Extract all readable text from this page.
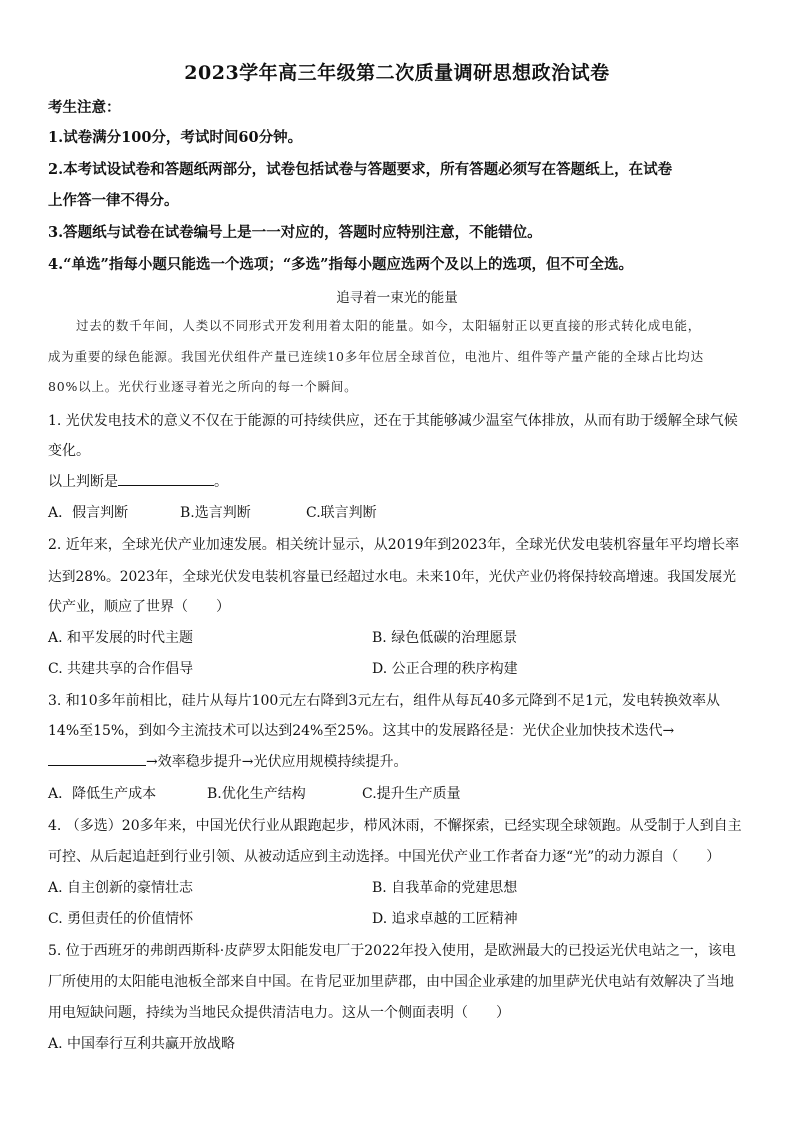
2023学年高三年级第二次质量调研思想政治试卷
考生注意：
1.试卷满分100分，考试时间60分钟。
2.本考试设试卷和答题纸两部分，试卷包括试卷与答题要求，所有答题必须写在答题纸上，在试卷
上作答一律不得分。
3.答题纸与试卷在试卷编号上是一一对应的，答题时应特别注意，不能错位。
4.“单选”指每小题只能选一个选项；“多选”指每小题应选两个及以上的选项，但不可全选。
追寻着一束光的能量
过去的数千年间，人类以不同形式开发利用着太阳的能量。如今，太阳辐射正以更直接的形式转化成电能，
成为重要的绿色能源。我国光伏组件产量已连续10多年位居全球首位，电池片、组件等产量产能的全球占比均达
80%以上。光伏行业逐寻着光之所向的每一个瞬间。
1. 光伏发电技术的意义不仅在于能源的可持续供应，还在于其能够减少温室气体排放，从而有助于缓解全球气候
变化。
以上判断是	。
A．假言判断	B.选言判断	C.联言判断
2. 近年来，全球光伏产业加速发展。相关统计显示，从2019年到2023年，全球光伏发电装机容量年平均增长率
达到28%。2023年，全球光伏发电装机容量已经超过水电。未来10年，光伏产业仍将保持较高增速。我国发展光
伏产业，顺应了世界（　　）
A. 和平发展的时代主题	B. 绿色低碳的治理愿景
C. 共建共享的合作倡导	D. 公正合理的秩序构建
3. 和10多年前相比，硅片从每片100元左右降到3元左右，组件从每瓦40多元降到不足1元，发电转换效率从
14%至15%，到如今主流技术可以达到24%至25%。这其中的发展路径是：光伏企业加快技术迭代→
→效率稳步提升→光伏应用规模持续提升。
A．降低生产成本	B.优化生产结构	C.提升生产质量
4. （多选）20多年来，中国光伏行业从跟跑起步，栉风沐雨，不懈探索，已经实现全球领跑。从受制于人到自主
可控、从后起追赶到行业引领、从被动适应到主动选择。中国光伏产业工作者奋力逐“光”的动力源自（　　）
A. 自主创新的豪情壮志	B. 自我革命的党建思想
C. 勇但责任的价值情怀	D. 追求卓越的工匠精神
5. 位于西班牙的弗朗西斯科·皮萨罗太阳能发电厂于2022年投入使用，是欧洲最大的已投运光伏电站之一，该电
厂所使用的太阳能电池板全部来自中国。在肯尼亚加里萨郡，由中国企业承建的加里萨光伏电站有效解决了当地
用电短缺问题，持续为当地民众提供清洁电力。这从一个侧面表明（　　）
A. 中国奉行互利共赢开放战略
